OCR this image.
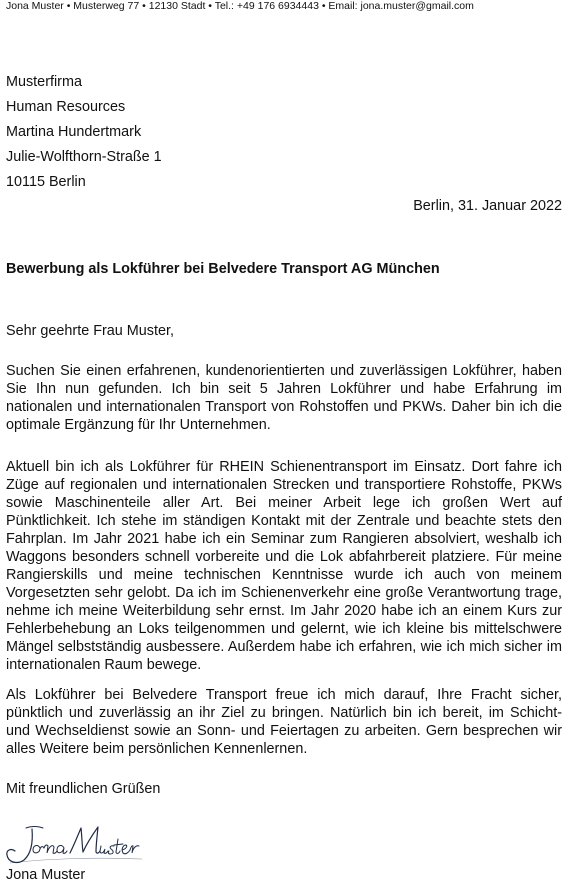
Jona Muster • Musterweg 77 • 12130 Stadt • Tel.: +49 176 6934443 • Email: jona.muster@gmail.com
Musterfirma
Human Resources
Martina Hundertmark
Julie-Wolfthorn-Straße 1
10115 Berlin
Berlin, 31. Januar 2022
Bewerbung als Lokführer bei Belvedere Transport AG München
Sehr geehrte Frau Muster,

Suchen Sie einen erfahrenen, kundenorientierten und zuverlässigen Lokführer, haben Sie Ihn nun gefunden. Ich bin seit 5 Jahren Lokführer und habe Erfahrung im nationalen und internationalen Transport von Rohstoffen und PKWs. Daher bin ich die optimale Ergänzung für Ihr Unternehmen.

Aktuell bin ich als Lokführer für RHEIN Schienentransport im Einsatz. Dort fahre ich Züge auf regionalen und internationalen Strecken und transportiere Rohstoffe, PKWs sowie Maschinenteile aller Art. Bei meiner Arbeit lege ich großen Wert auf Pünktlichkeit. Ich stehe im ständigen Kontakt mit der Zentrale und beachte stets den Fahrplan. Im Jahr 2021 habe ich ein Seminar zum Rangieren absolviert, weshalb ich Waggons besonders schnell vorbereite und die Lok abfahrbereit platziere. Für meine Rangierskills und meine technischen Kenntnisse wurde ich auch von meinem Vorgesetzten sehr gelobt. Da ich im Schienenverkehr eine große Verantwortung trage, nehme ich meine Weiterbildung sehr ernst. Im Jahr 2020 habe ich an einem Kurs zur Fehlerbehebung an Loks teilgenommen und gelernt, wie ich kleine bis mittelschwere Mängel selbstständig ausbessere. Außerdem habe ich erfahren, wie ich mich sicher im internationalen Raum bewege.

Als Lokführer bei Belvedere Transport freue ich mich darauf, Ihre Fracht sicher, pünktlich und zuverlässig an ihr Ziel zu bringen. Natürlich bin ich bereit, im Schicht- und Wechseldienst sowie an Sonn- und Feiertagen zu arbeiten. Gern besprechen wir alles Weitere beim persönlichen Kennenlernen.

Mit freundlichen Grüßen
Jona Muster
